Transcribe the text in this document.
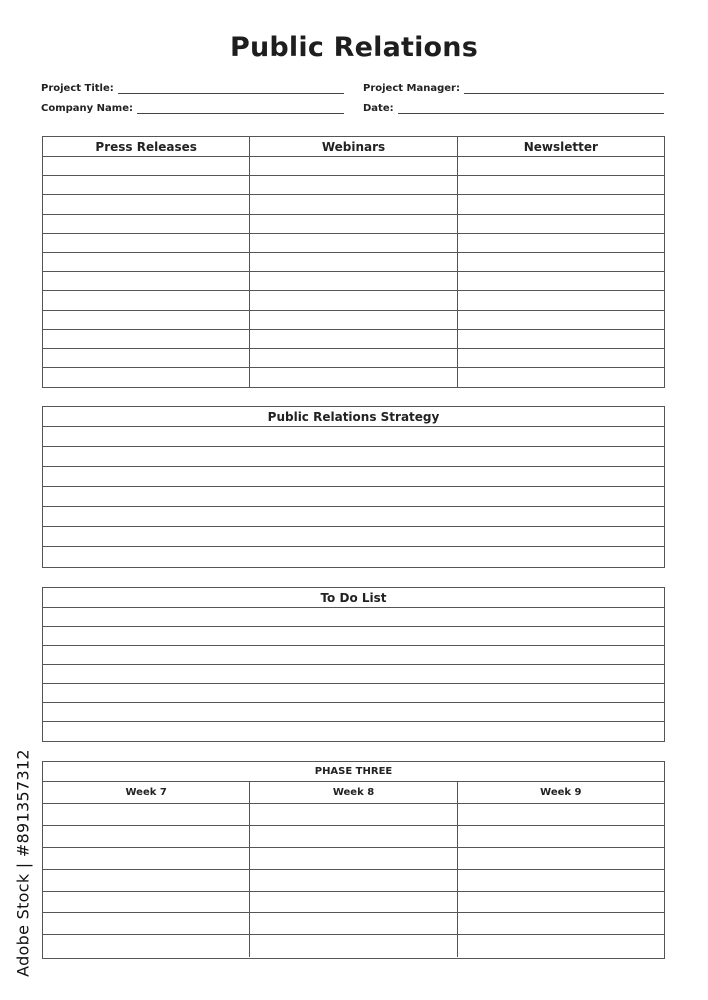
Public Relations
Project Title:
Company Name:
Project Manager:
Date:
Press Releases	Webinars	Newsletter
Public Relations Strategy
To Do List
PHASE THREE
Week 7	Week 8	Week 9
Adobe Stock | #891357312
